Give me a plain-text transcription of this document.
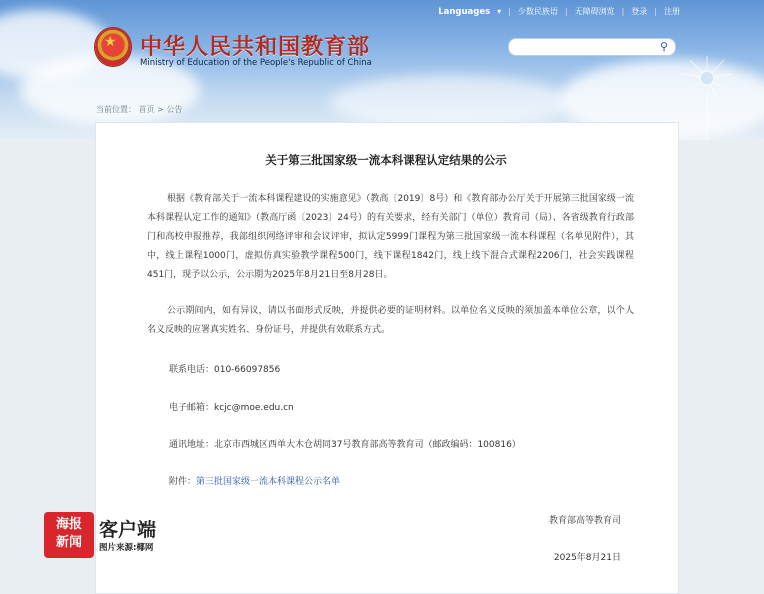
Languages ▾ | 少数民族语 | 无障碍浏览 | 登录 | 注册
★ 中华人民共和国教育部
Ministry of Education of the People's Republic of China
⚲
当前位置： 首页 > 公告
关于第三批国家级一流本科课程认定结果的公示
根据《教育部关于一流本科课程建设的实施意见》（教高〔2019〕8号）和《教育部办公厅关于开展第三批国家级一流本科课程认定工作的通知》（教高厅函〔2023〕24号）的有关要求，经有关部门（单位）教育司（局）、各省级教育行政部门和高校申报推荐，我部组织网络评审和会议评审，拟认定5999门课程为第三批国家级一流本科课程（名单见附件），其中，线上课程1000门，虚拟仿真实验教学课程500门，线下课程1842门，线上线下混合式课程2206门，社会实践课程451门，现予以公示，公示期为2025年8月21日至8月28日。
公示期间内，如有异议，请以书面形式反映，并提供必要的证明材料。以单位名义反映的须加盖本单位公章，以个人名义反映的应署真实姓名、身份证号，并提供有效联系方式。
联系电话：010-66097856
电子邮箱：kcjc@moe.edu.cn
通讯地址：北京市西城区西单大木仓胡同37号教育部高等教育司（邮政编码：100816）
附件：第三批国家级一流本科课程公示名单
教育部高等教育司
2025年8月21日
海报新闻
客户端
图片来源:椰网
